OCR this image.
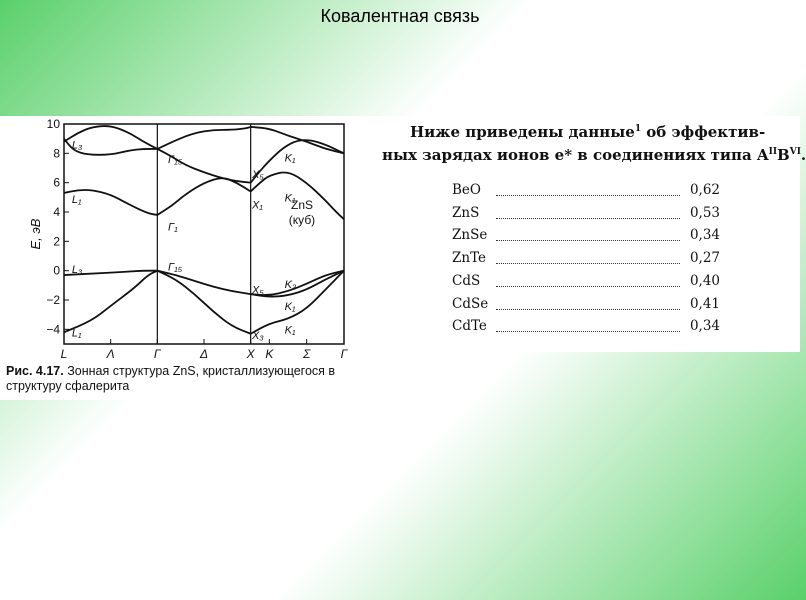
Ковалентная связь
10
8
6
4
2
0
−2
−4
L	Λ	Γ	Δ	X K Σ	Γ
E, эВ
L₃
L₁
L₃
L₁
Γ₁₅
Γ₁
Γ₁₅
X₅
X₁
X₅
X₃
K₁
K₁
K₂
K₁
K₁
ZnS
(куб)
Рис. 4.17. Зонная структура ZnS, кристаллизующегося в структуру сфалерита
Ниже приведены данные$^1$ об эффектив-
ных зарядах ионов e* в соединениях типа $A^{II}B^{VI}$.
BeO	0,62
ZnS	0,53
ZnSe	0,34
ZnTe	0,27
CdS	0,40
CdSe	0,41
CdTe	0,34
